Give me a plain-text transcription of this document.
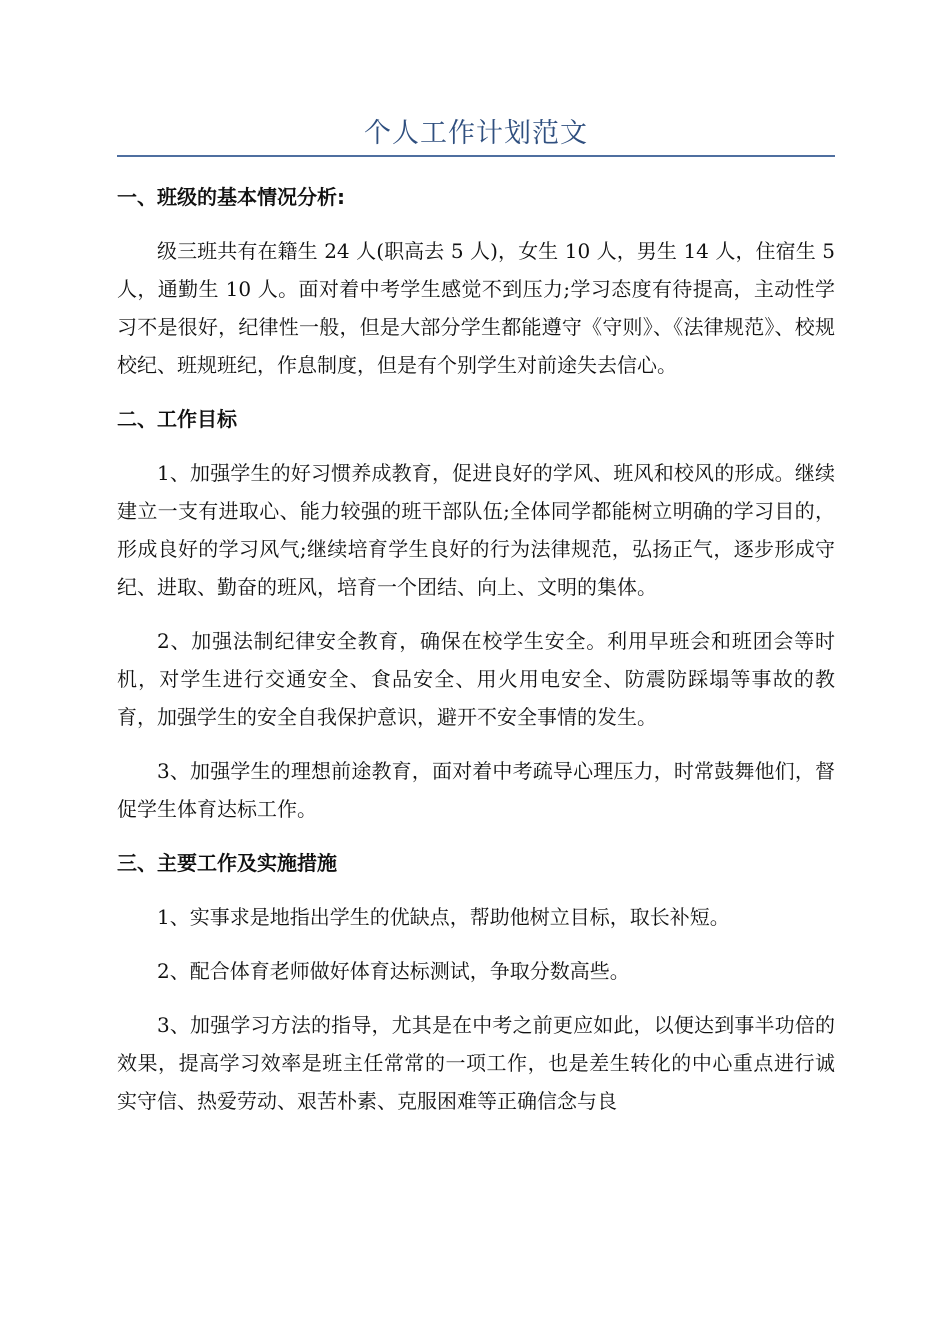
个人工作计划范文
一、班级的基本情况分析:

级三班共有在籍生 24 人(职高去 5 人)，女生 10 人，男生 14 人，住宿生 5 人，通勤生 10 人。面对着中考学生感觉不到压力;学习态度有待提高，主动性学习不是很好，纪律性一般，但是大部分学生都能遵守《守则》、《法律规范》、校规校纪、班规班纪，作息制度，但是有个别学生对前途失去信心。

二、工作目标

1、加强学生的好习惯养成教育，促进良好的学风、班风和校风的形成。继续建立一支有进取心、能力较强的班干部队伍;全体同学都能树立明确的学习目的，形成良好的学习风气;继续培育学生良好的行为法律规范，弘扬正气，逐步形成守纪、进取、勤奋的班风，培育一个团结、向上、文明的集体。

2、加强法制纪律安全教育，确保在校学生安全。利用早班会和班团会等时机，对学生进行交通安全、食品安全、用火用电安全、防震防踩塌等事故的教育，加强学生的安全自我保护意识，避开不安全事情的发生。

3、加强学生的理想前途教育，面对着中考疏导心理压力，时常鼓舞他们，督促学生体育达标工作。

三、主要工作及实施措施

1、实事求是地指出学生的优缺点，帮助他树立目标，取长补短。

2、配合体育老师做好体育达标测试，争取分数高些。

3、加强学习方法的指导，尤其是在中考之前更应如此，以便达到事半功倍的效果，提高学习效率是班主任常常的一项工作，也是差生转化的中心重点进行诚实守信、热爱劳动、艰苦朴素、克服困难等正确信念与良
